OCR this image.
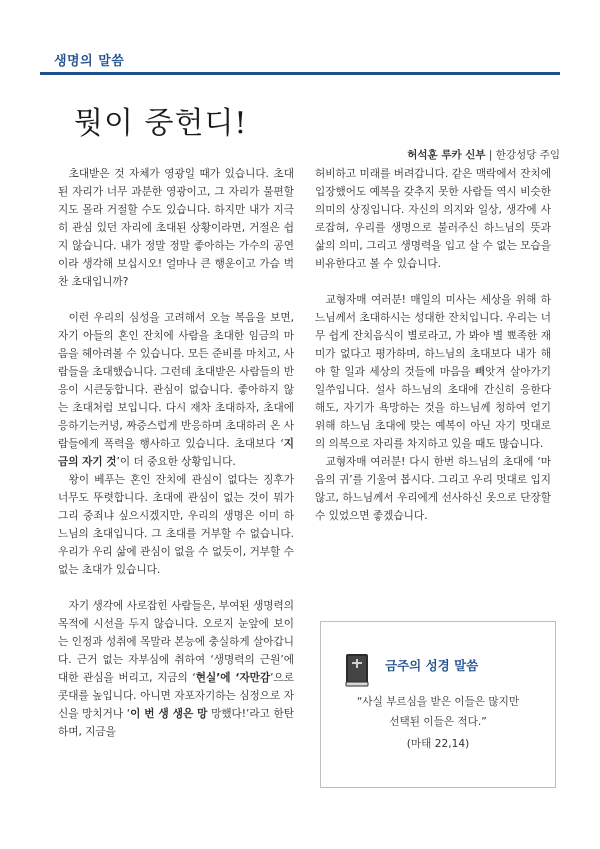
생명의 말씀
뭣이 중헌디!
허석훈 루카 신부 | 한강성당 주임

초대받은 것 자체가 영광일 때가 있습니다. 초대된 자리가 너무 과분한 영광이고, 그 자리가 불편할지도 몰라 거절할 수도 있습니다. 하지만 내가 지극히 관심 있던 자리에 초대된 상황이라면, 거절은 쉽지 않습니다. 내가 정말 정말 좋아하는 가수의 공연이라 생각해 보십시오! 얼마나 큰 행운이고 가슴 벅찬 초대입니까?

이런 우리의 심성을 고려해서 오늘 복음을 보면, 자기 아들의 혼인 잔치에 사람을 초대한 임금의 마음을 헤아려볼 수 있습니다. 모든 준비를 마치고, 사람들을 초대했습니다. 그런데 초대받은 사람들의 반응이 시큰둥합니다. 관심이 없습니다. 좋아하지 않는 초대처럼 보입니다. 다시 재차 초대하자, 초대에 응하기는커녕, 짜증스럽게 반응하며 초대하러 온 사람들에게 폭력을 행사하고 있습니다. 초대보다 ‘지금의 자기 것’이 더 중요한 상황입니다.

왕이 베푸는 혼인 잔치에 관심이 없다는 징후가 너무도 뚜렷합니다. 초대에 관심이 없는 것이 뭐가 그리 중죄냐 싶으시겠지만, 우리의 생명은 이미 하느님의 초대입니다. 그 초대를 거부할 수 없습니다. 우리가 우리 삶에 관심이 없을 수 없듯이, 거부할 수 없는 초대가 있습니다.

자기 생각에 사로잡힌 사람들은, 부여된 생명력의 목적에 시선을 두지 않습니다. 오로지 눈앞에 보이는 인정과 성취에 목말라 본능에 충실하게 살아갑니다. 근거 없는 자부심에 취하여 ‘생명력의 근원’에 대한 관심을 버리고, 지금의 ‘현실’에 ‘자만감’으로 콧대를 높입니다. 아니면 자포자기하는 심정으로 자신을 망치거나 ‘이 번 생 생은 망 망했다!’라고 한탄하며, 지금을

허비하고 미래를 버려갑니다. 같은 맥락에서 잔치에 입장했어도 예복을 갖추지 못한 사람들 역시 비슷한 의미의 상징입니다. 자신의 의지와 일상, 생각에 사로잡혀, 우리를 생명으로 불러주신 하느님의 뜻과 삶의 의미, 그리고 생명력을 입고 살 수 없는 모습을 비유한다고 볼 수 있습니다.

교형자매 여러분! 매일의 미사는 세상을 위해 하느님께서 초대하시는 성대한 잔치입니다. 우리는 너무 쉽게 잔치음식이 별로라고, 가 봐야 별 뾰족한 재미가 없다고 평가하며, 하느님의 초대보다 내가 해야 할 일과 세상의 것들에 마음을 빼앗겨 살아가기 일쑤입니다. 설사 하느님의 초대에 간신히 응한다 해도, 자기가 욕망하는 것을 하느님께 청하여 얻기 위해 하느님 초대에 맞는 예복이 아닌 자기 멋대로의 의복으로 자리를 차지하고 있을 때도 많습니다.

교형자매 여러분! 다시 한번 하느님의 초대에 ‘마음의 귀’를 기울여 봅시다. 그리고 우리 멋대로 입지 않고, 하느님께서 우리에게 선사하신 옷으로 단장할 수 있었으면 좋겠습니다.

금주의 성경 말씀
“사실 부르심을 받은 이들은 많지만
선택된 이들은 적다.”
(마태 22,14)
